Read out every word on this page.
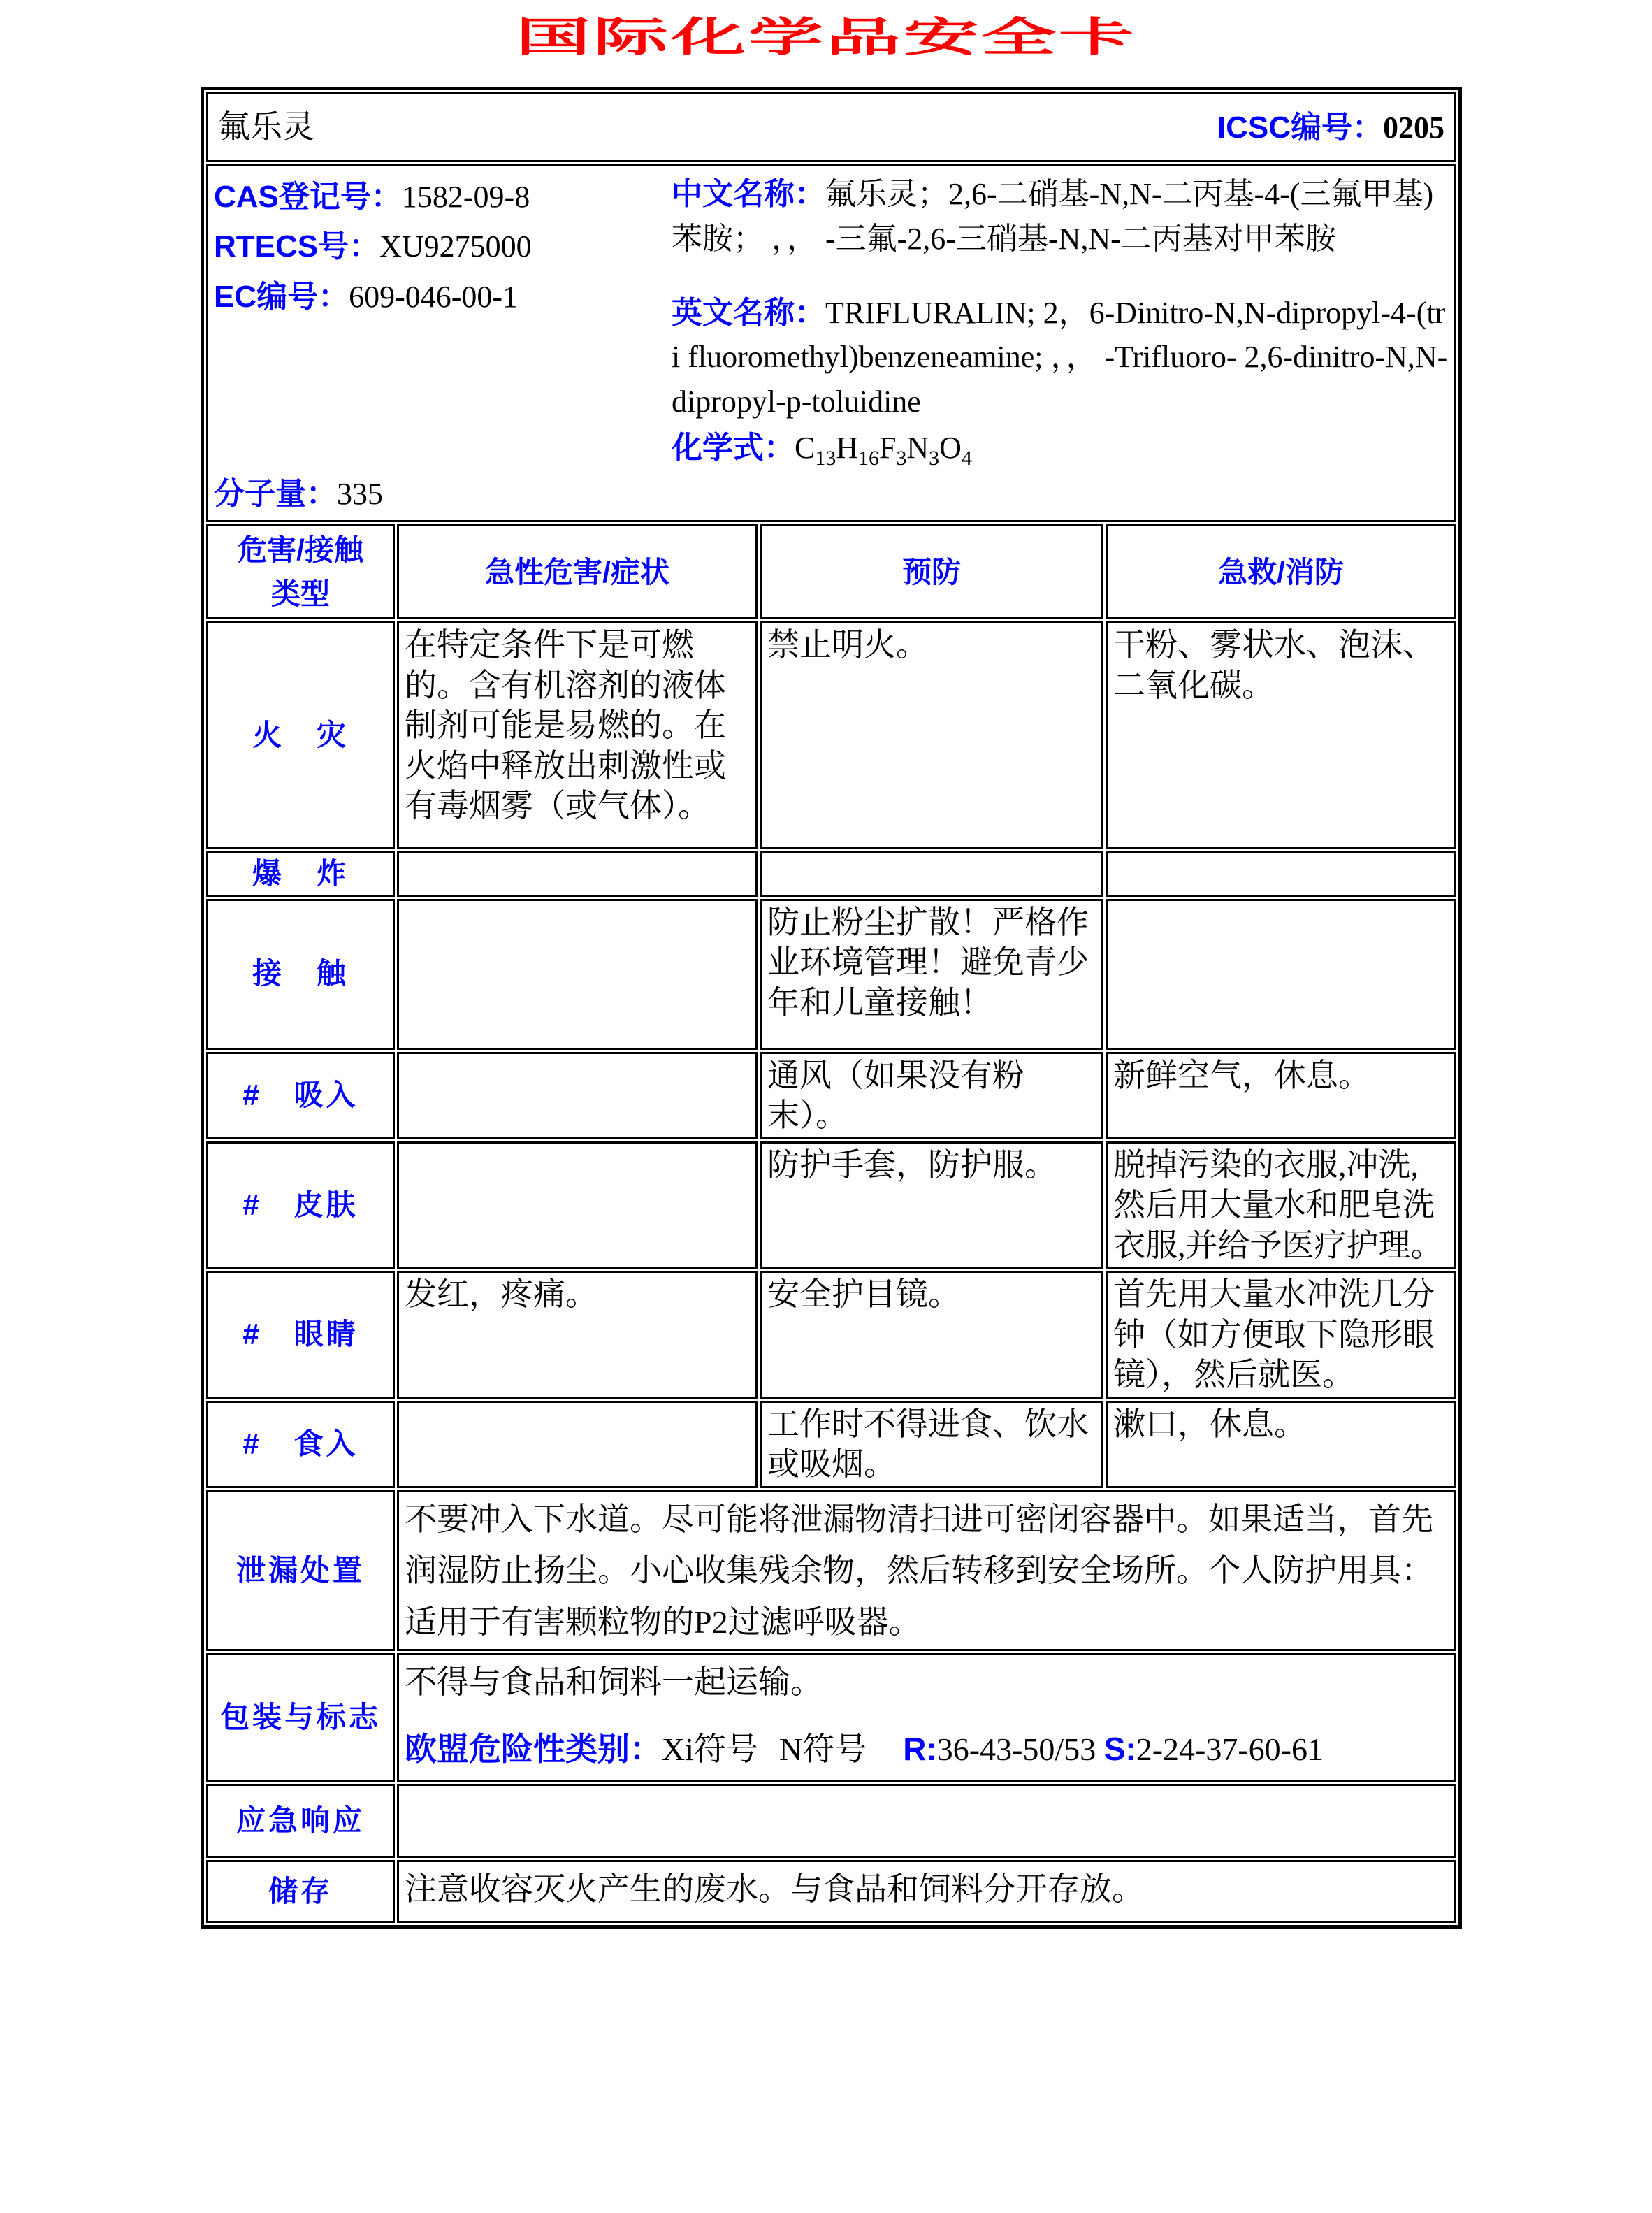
国际化学品安全卡
氟乐灵 ICSC编号：0205			

CAS登记号：1582-09-8
RTECS号：XU9275000
EC编号：609-046-00-1
分子量：335
中文名称：氟乐灵；2,6-二硝基-N,N-二丙基-4-(三氟甲基)苯胺； ，， -三氟-2,6-三硝基-N,N-二丙基对甲苯胺
英文名称：TRIFLURALIN; 2，6-Dinitro-N,N-dipropyl-4-(tri fluoromethyl)benzeneamine; ，， -Trifluoro- 2,6-dinitro-N,N-dipropyl-p-toluidine
化学式：$C_{13}H_{16}F_3N_3O_4$

危害/接触
类型	急性危害/症状	预防	急救/消防
火　灾	在特定条件下是可燃的。含有机溶剂的液体制剂可能是易燃的。在火焰中释放出刺激性或有毒烟雾（或气体）。	禁止明火。	干粉、雾状水、泡沫、二氧化碳。
爆　炸			
接　触		防止粉尘扩散！严格作业环境管理！避免青少年和儿童接触！	
#　吸入		通风（如果没有粉末）。	新鲜空气，休息。
#　皮肤		防护手套，防护服。	脱掉污染的衣服,冲洗,然后用大量水和肥皂洗衣服,并给予医疗护理。
#　眼睛	发红，疼痛。	安全护目镜。	首先用大量水冲洗几分钟（如方便取下隐形眼镜），然后就医。
#　食入		工作时不得进食、饮水或吸烟。	漱口，休息。
泄漏处置	不要冲入下水道。尽可能将泄漏物清扫进可密闭容器中。如果适当，首先润湿防止扬尘。小心收集残余物，然后转移到安全场所。个人防护用具：适用于有害颗粒物的P2过滤呼吸器。		

包装与标志	不得与食品和饲料一起运输。
欧盟危险性类别：Xi符号 N符号 R:36-43-50/53 S:2-24-37-60-61		

应急响应			
储存	注意收容灭火产生的废水。与食品和饲料分开存放。		
